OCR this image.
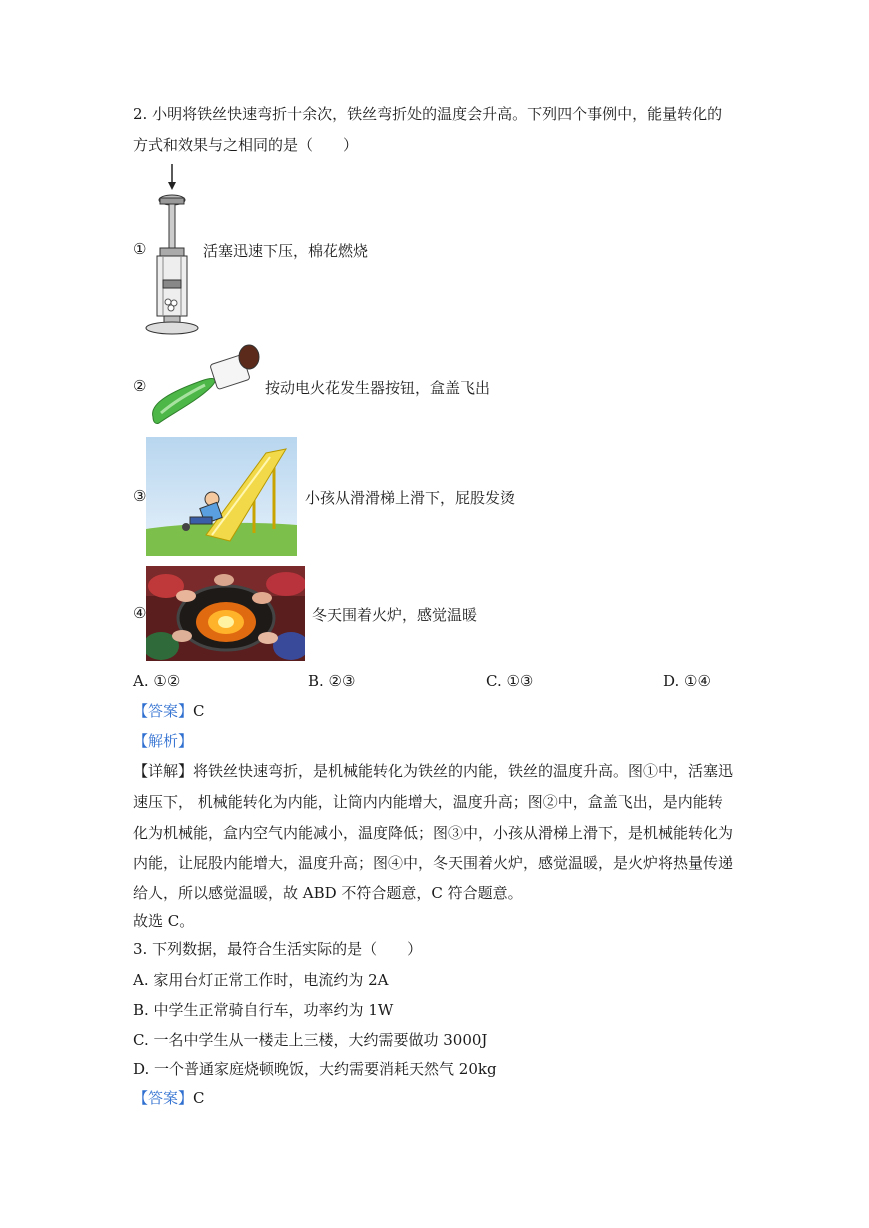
2. 小明将铁丝快速弯折十余次，铁丝弯折处的温度会升高。下列四个事例中，能量转化的
方式和效果与之相同的是（　　）
①	活塞迅速下压，棉花燃烧
②	按动电火花发生器按钮，盒盖飞出
③	小孩从滑滑梯上滑下，屁股发烫
④	冬天围着火炉，感觉温暖
A. ①②	B. ②③	C. ①③	D. ①④
【答案】C
【解析】
【详解】将铁丝快速弯折，是机械能转化为铁丝的内能，铁丝的温度升高。图①中，活塞迅
速压下， 机械能转化为内能，让筒内内能增大，温度升高；图②中，盒盖飞出，是内能转
化为机械能，盒内空气内能减小，温度降低；图③中，小孩从滑梯上滑下，是机械能转化为
内能，让屁股内能增大，温度升高；图④中，冬天围着火炉，感觉温暖，是火炉将热量传递
给人，所以感觉温暖，故 ABD 不符合题意，C 符合题意。
故选 C。
3. 下列数据，最符合生活实际的是（　　）
A. 家用台灯正常工作时，电流约为 2A
B. 中学生正常骑自行车，功率约为 1W
C. 一名中学生从一楼走上三楼，大约需要做功 3000J
D. 一个普通家庭烧顿晚饭，大约需要消耗天然气 20kg
【答案】C
